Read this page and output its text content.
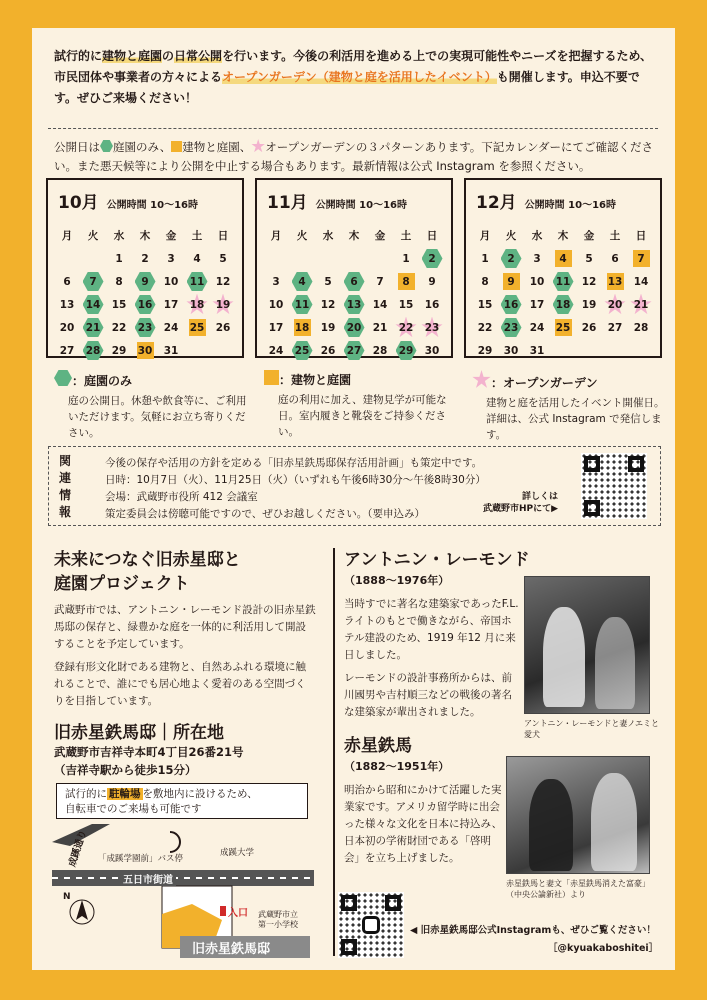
試行的に建物と庭園の日常公開を行います。今後の利活用を進める上での実現可能性やニーズを把握するため、市民団体や事業者の方々によるオープンガーデン（建物と庭を活用したイベント）も開催します。申込不要です。ぜひご来場ください！
公開日は 庭園のみ、 建物と庭園、 オープンガーデンの３パターンあります。下記カレンダーにてご確認ください。また悪天候等により公開を中止する場合もあります。最新情報は公式 Instagram を参照ください。
10月 公開時間 10～16時
月 火 水 木 金 土 日
1 2 3 4 5
6 7 8 9 10 11 12
13 14 15 16 17 18 19
20 21 22 23 24 25 26
27 28 29 30 31
11月 公開時間 10～16時
月 火 水 木 金 土 日
1 2
3 4 5 6 7 8 9
10 11 12 13 14 15 16
17 18 19 20 21 22 23
24 25 26 27 28 29 30
12月 公開時間 10～16時
月 火 水 木 金 土 日
1 2 3 4 5 6 7
8 9 10 11 12 13 14
15 16 17 18 19 20 21
22 23 24 25 26 27 28
29 30 31
：庭園のみ
庭の公開日。休憩や飲食等に、ご利用いただけます。気軽にお立ち寄りください。
：建物と庭園
庭の利用に加え、建物見学が可能な日。室内履きと靴袋をご持参ください。
：オープンガーデン
建物と庭を活用したイベント開催日。詳細は、公式 Instagram で発信します。
関
連
情
報
今後の保存や活用の方針を定める「旧赤星鉄馬邸保存活用計画」も策定中です。
日時：10月7日（火）、11月25日（火）（いずれも午後6時30分～午後8時30分）
会場：武蔵野市役所 412 会議室
策定委員会は傍聴可能ですので、ぜひお越しください。（要申込み）
詳しくは
武蔵野市HPにて▶
未来につなぐ旧赤星邸と
庭園プロジェクト
武蔵野市では、アントニン・レーモンド設計の旧赤星鉄馬邸の保存と、緑豊かな庭を一体的に利活用して開設することを予定しています。
登録有形文化財である建物と、自然あふれる環境に触れることで、誰にでも居心地よく愛着のある空間づくりを目指しています。
旧赤星鉄馬邸｜所在地
武蔵野市吉祥寺本町4丁目26番21号
（吉祥寺駅から徒歩15分）
試行的に 駐輪場 を敷地内に設けるため、
自転車でのご来場も可能です
成蹊通り 「成蹊学園前」バス停
成蹊大学
五日市街道
N
入口 武蔵野市立
第一小学校
旧赤星鉄馬邸
アントニン・レーモンド
（1888～1976年）
当時すでに著名な建築家であったF.L. ライトのもとで働きながら、帝国ホテル建設のため、1919 年12 月に来日しました。
レーモンドの設計事務所からは、前川國男や吉村順三などの戦後の著名な建築家が輩出されました。
アントニン・レーモンドと妻ノエミと
愛犬
赤星鉄馬
（1882～1951年）
明治から昭和にかけて活躍した実業家です。アメリカ留学時に出会った様々な文化を日本に持込み、日本初の学術財団である「啓明会」を立ち上げました。
赤星鉄馬と妻文「赤星鉄馬消えた富豪」
（中央公論新社）より
◀ 旧赤星鉄馬邸公式Instagramも、ぜひご覧ください！
［@kyuakaboshitei］
